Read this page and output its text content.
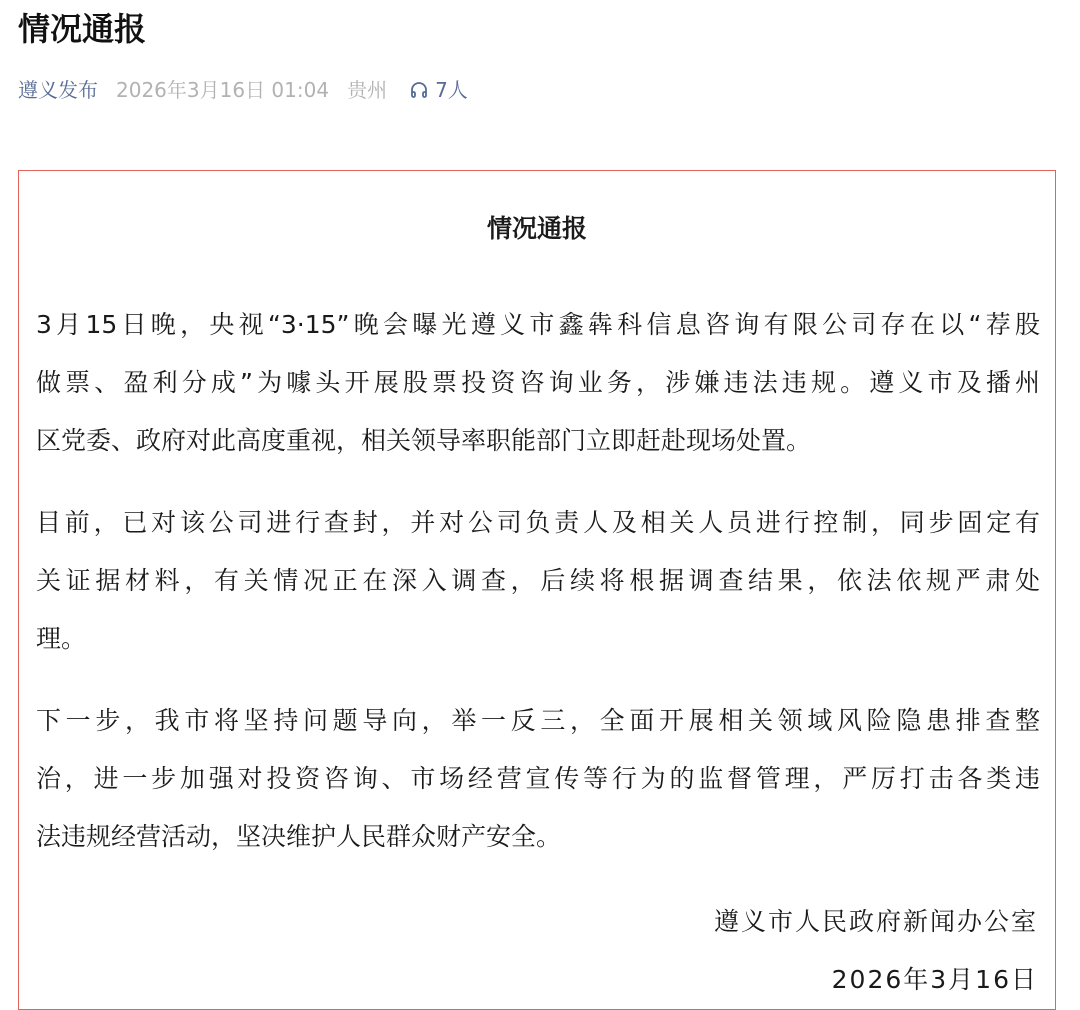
情况通报
遵义发布 2026年3月16日 01:04 贵州 7人
情况通报
3月15日晚，央视“3·15”晚会曝光遵义市鑫犇科信息咨询有限公司存在以“荐股
做票、盈利分成”为噱头开展股票投资咨询业务，涉嫌违法违规。遵义市及播州
区党委、政府对此高度重视，相关领导率职能部门立即赶赴现场处置。
目前，已对该公司进行查封，并对公司负责人及相关人员进行控制，同步固定有
关证据材料，有关情况正在深入调查，后续将根据调查结果，依法依规严肃处
理。
下一步，我市将坚持问题导向，举一反三，全面开展相关领域风险隐患排查整
治，进一步加强对投资咨询、市场经营宣传等行为的监督管理，严厉打击各类违
法违规经营活动，坚决维护人民群众财产安全。
遵义市人民政府新闻办公室
2026年3月16日
